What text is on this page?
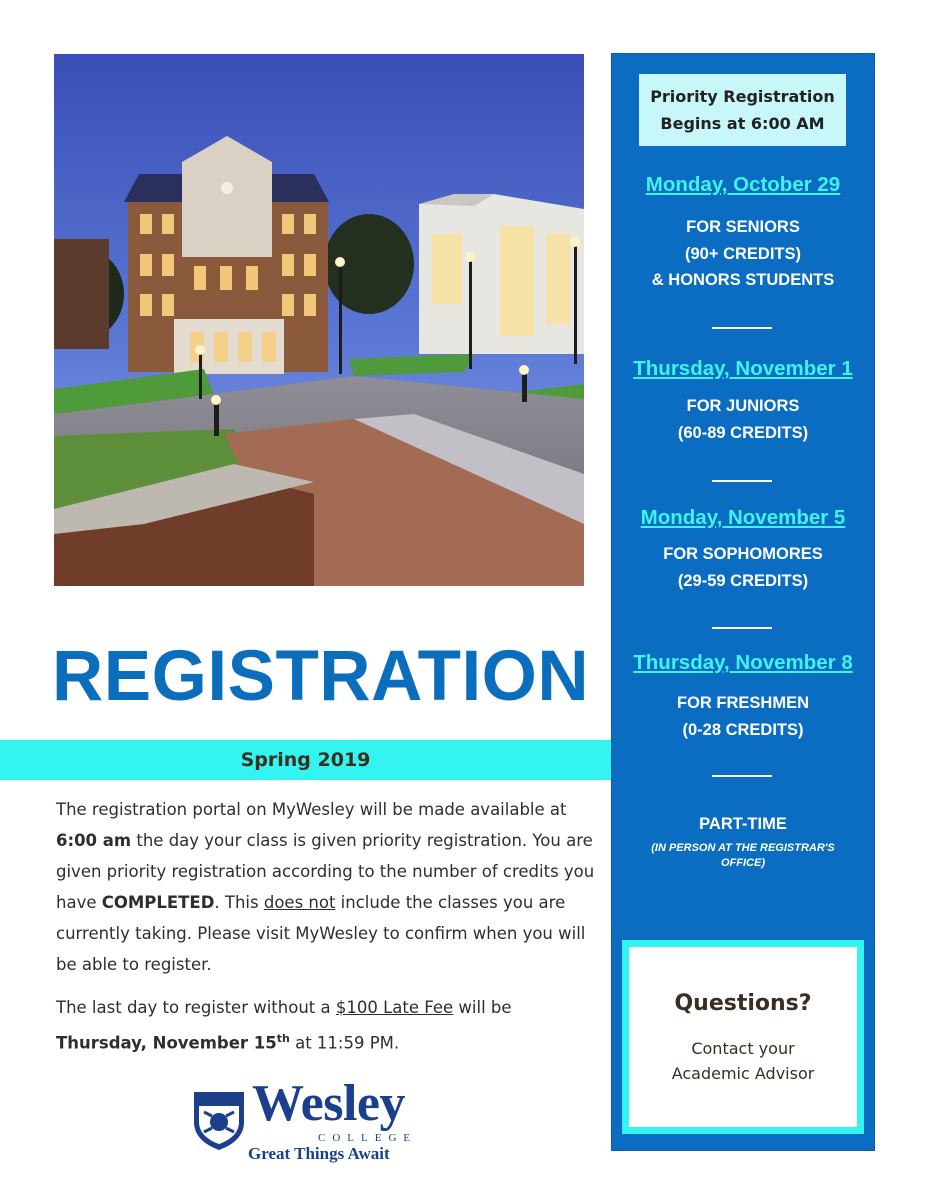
REGISTRATION
Spring 2019

The registration portal on MyWesley will be made available at 6:00 am the day your class is given priority registration. You are given priority registration according to the number of credits you have COMPLETED. This does not include the classes you are currently taking. Please visit MyWesley to confirm when you will be able to register.

The last day to register without a $100 Late Fee will be Thursday, November 15th at 11:59 PM.

Wesley
COLLEGE
Great Things Await
Priority Registration
Begins at 6:00 AM
Monday, October 29
FOR SENIORS
(90+ CREDITS)
& HONORS STUDENTS
Thursday, November 1
FOR JUNIORS
(60-89 CREDITS)
Monday, November 5
FOR SOPHOMORES
(29-59 CREDITS)
Thursday, November 8
FOR FRESHMEN
(0-28 CREDITS)
PART-TIME
(IN PERSON AT THE REGISTRAR'S
OFFICE)
Questions?
Contact your
Academic Advisor
